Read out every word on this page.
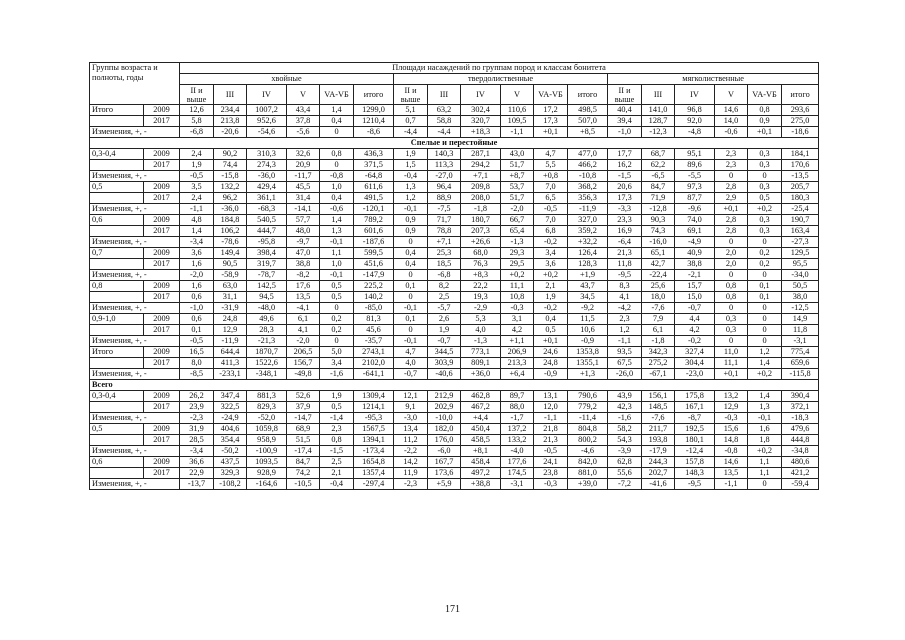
Группы возраста и полноты, годы		Площади насаждений по группам пород и классам бонитета																	
		хвойные						твердолиственные						мягколиственные					
		II и выше	III	IV	V	VA-VБ	итого	II и выше	III	IV	V	VA-VБ	итого	II и выше	III	IV	V	VA-VБ	итого
Итого	2009	12,6	234,4	1007,2	43,4	1,4	1299,0	5,1	63,2	302,4	110,6	17,2	498,5	40,4	141,0	96,8	14,6	0,8	293,6
	2017	5,8	213,8	952,6	37,8	0,4	1210,4	0,7	58,8	320,7	109,5	17,3	507,0	39,4	128,7	92,0	14,0	0,9	275,0
Изменения, +, -		-6,8	-20,6	-54,6	-5,6	0	-8,6	-4,4	-4,4	+18,3	-1,1	+0,1	+8,5	-1,0	-12,3	-4,8	-0,6	+0,1	-18,6
Спелые и перестойные																			
0,3-0,4	2009	2,4	90,2	310,3	32,6	0,8	436,3	1,9	140,3	287,1	43,0	4,7	477,0	17,7	68,7	95,1	2,3	0,3	184,1
	2017	1,9	74,4	274,3	20,9	0	371,5	1,5	113,3	294,2	51,7	5,5	466,2	16,2	62,2	89,6	2,3	0,3	170,6
Изменения, +, -		-0,5	-15,8	-36,0	-11,7	-0,8	-64,8	-0,4	-27,0	+7,1	+8,7	+0,8	-10,8	-1,5	-6,5	-5,5	0	0	-13,5
0,5	2009	3,5	132,2	429,4	45,5	1,0	611,6	1,3	96,4	209,8	53,7	7,0	368,2	20,6	84,7	97,3	2,8	0,3	205,7
	2017	2,4	96,2	361,1	31,4	0,4	491,5	1,2	88,9	208,0	51,7	6,5	356,3	17,3	71,9	87,7	2,9	0,5	180,3
Изменения, +, -		-1,1	-36,0	-68,3	-14,1	-0,6	-120,1	-0,1	-7,5	-1,8	-2,0	-0,5	-11,9	-3,3	-12,8	-9,6	+0,1	+0,2	-25,4
0,6	2009	4,8	184,8	540,5	57,7	1,4	789,2	0,9	71,7	180,7	66,7	7,0	327,0	23,3	90,3	74,0	2,8	0,3	190,7
	2017	1,4	106,2	444,7	48,0	1,3	601,6	0,9	78,8	207,3	65,4	6,8	359,2	16,9	74,3	69,1	2,8	0,3	163,4
Изменения, +, -		-3,4	-78,6	-95,8	-9,7	-0,1	-187,6	0	+7,1	+26,6	-1,3	-0,2	+32,2	-6,4	-16,0	-4,9	0	0	-27,3
0,7	2009	3,6	149,4	398,4	47,0	1,1	599,5	0,4	25,3	68,0	29,3	3,4	126,4	21,3	65,1	40,9	2,0	0,2	129,5
	2017	1,6	90,5	319,7	38,8	1,0	451,6	0,4	18,5	76,3	29,5	3,6	128,3	11,8	42,7	38,8	2,0	0,2	95,5
Изменения, +, -		-2,0	-58,9	-78,7	-8,2	-0,1	-147,9	0	-6,8	+8,3	+0,2	+0,2	+1,9	-9,5	-22,4	-2,1	0	0	-34,0
0,8	2009	1,6	63,0	142,5	17,6	0,5	225,2	0,1	8,2	22,2	11,1	2,1	43,7	8,3	25,6	15,7	0,8	0,1	50,5
	2017	0,6	31,1	94,5	13,5	0,5	140,2	0	2,5	19,3	10,8	1,9	34,5	4,1	18,0	15,0	0,8	0,1	38,0
Изменения, +, -		-1,0	-31,9	-48,0	-4,1	0	-85,0	-0,1	-5,7	-2,9	-0,3	-0,2	-9,2	-4,2	-7,6	-0,7	0	0	-12,5
0,9-1,0	2009	0,6	24,8	49,6	6,1	0,2	81,3	0,1	2,6	5,3	3,1	0,4	11,5	2,3	7,9	4,4	0,3	0	14,9
	2017	0,1	12,9	28,3	4,1	0,2	45,6	0	1,9	4,0	4,2	0,5	10,6	1,2	6,1	4,2	0,3	0	11,8
Изменения, +, -		-0,5	-11,9	-21,3	-2,0	0	-35,7	-0,1	-0,7	-1,3	+1,1	+0,1	-0,9	-1,1	-1,8	-0,2	0	0	-3,1
Итого	2009	16,5	644,4	1870,7	206,5	5,0	2743,1	4,7	344,5	773,1	206,9	24,6	1353,8	93,5	342,3	327,4	11,0	1,2	775,4
	2017	8,0	411,3	1522,6	156,7	3,4	2102,0	4,0	303,9	809,1	213,3	24,8	1355,1	67,5	275,2	304,4	11,1	1,4	659,6
Изменения, +, -		-8,5	-233,1	-348,1	-49,8	-1,6	-641,1	-0,7	-40,6	+36,0	+6,4	-0,9	+1,3	-26,0	-67,1	-23,0	+0,1	+0,2	-115,8
Всего																			
0,3-0,4	2009	26,2	347,4	881,3	52,6	1,9	1309,4	12,1	212,9	462,8	89,7	13,1	790,6	43,9	156,1	175,8	13,2	1,4	390,4
	2017	23,9	322,5	829,3	37,9	0,5	1214,1	9,1	202,9	467,2	88,0	12,0	779,2	42,3	148,5	167,1	12,9	1,3	372,1
Изменения, +, -		-2,3	-24,9	-52,0	-14,7	-1,4	-95,3	-3,0	-10,0	+4,4	-1,7	-1,1	-11,4	-1,6	-7,6	-8,7	-0,3	-0,1	-18,3
0,5	2009	31,9	404,6	1059,8	68,9	2,3	1567,5	13,4	182,0	450,4	137,2	21,8	804,8	58,2	211,7	192,5	15,6	1,6	479,6
	2017	28,5	354,4	958,9	51,5	0,8	1394,1	11,2	176,0	458,5	133,2	21,3	800,2	54,3	193,8	180,1	14,8	1,8	444,8
Изменения, +, -		-3,4	-50,2	-100,9	-17,4	-1,5	-173,4	-2,2	-6,0	+8,1	-4,0	-0,5	-4,6	-3,9	-17,9	-12,4	-0,8	+0,2	-34,8
0,6	2009	36,6	437,5	1093,5	84,7	2,5	1654,8	14,2	167,7	458,4	177,6	24,1	842,0	62,8	244,3	157,8	14,6	1,1	480,6
	2017	22,9	329,3	928,9	74,2	2,1	1357,4	11,9	173,6	497,2	174,5	23,8	881,0	55,6	202,7	148,3	13,5	1,1	421,2
Изменения, +, -		-13,7	-108,2	-164,6	-10,5	-0,4	-297,4	-2,3	+5,9	+38,8	-3,1	-0,3	+39,0	-7,2	-41,6	-9,5	-1,1	0	-59,4
171
